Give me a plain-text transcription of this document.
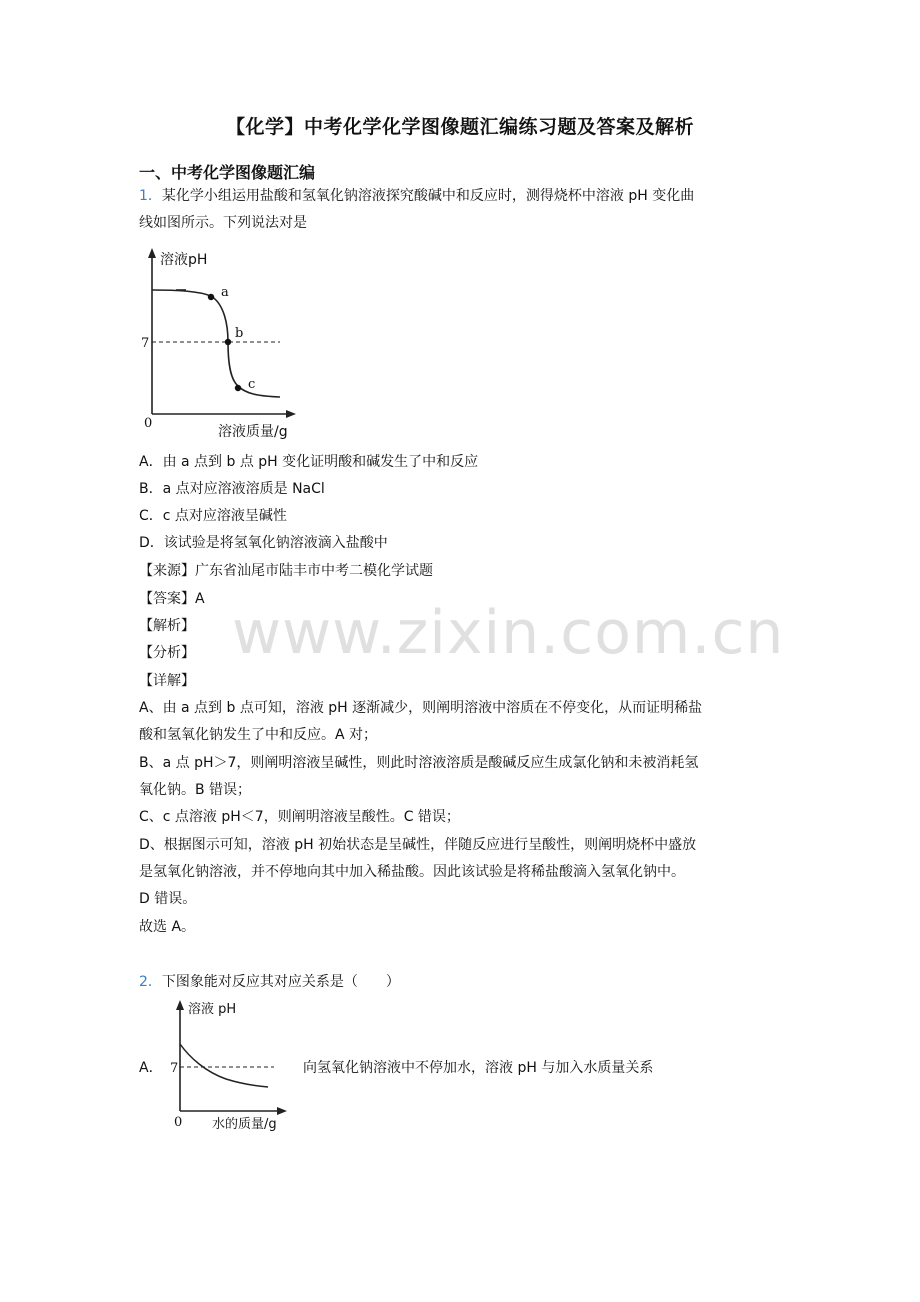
【化学】中考化学化学图像题汇编练习题及答案及解析
一、中考化学图像题汇编
1．某化学小组运用盐酸和氢氧化钠溶液探究酸碱中和反应时，测得烧杯中溶液 pH 变化曲
线如图所示。下列说法对是
溶液pH
溶液质量/g
0
7
a
b
c
A．由 a 点到 b 点 pH 变化证明酸和碱发生了中和反应
B．a 点对应溶液溶质是 NaCl
C．c 点对应溶液呈碱性
D．该试验是将氢氧化钠溶液滴入盐酸中
【来源】广东省汕尾市陆丰市中考二模化学试题
【答案】A
【解析】
【分析】
【详解】
A、由 a 点到 b 点可知，溶液 pH 逐渐减少，则阐明溶液中溶质在不停变化，从而证明稀盐
酸和氢氧化钠发生了中和反应。A 对；
B、a 点 pH＞7，则阐明溶液呈碱性，则此时溶液溶质是酸碱反应生成氯化钠和未被消耗氢
氧化钠。B 错误；
C、c 点溶液 pH＜7，则阐明溶液呈酸性。C 错误；
D、根据图示可知，溶液 pH 初始状态是呈碱性，伴随反应进行呈酸性，则阐明烧杯中盛放
是氢氧化钠溶液，并不停地向其中加入稀盐酸。因此该试验是将稀盐酸滴入氢氧化钠中。
D 错误。
故选 A。
2．下图象能对反应其对应关系是（　　）
A．
溶液 pH
水的质量/g
0
7	向氢氧化钠溶液中不停加水，溶液 pH 与加入水质量关系
www.zixin.com.cn
